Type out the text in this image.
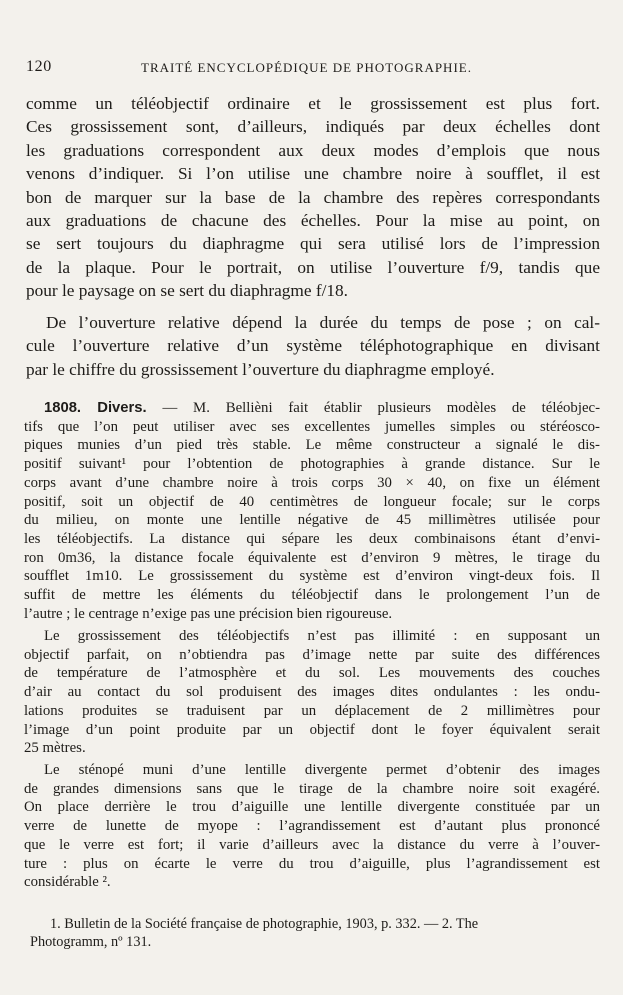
120	TRAITÉ ENCYCLOPÉDIQUE DE PHOTOGRAPHIE.
comme un téléobjectif ordinaire et le grossissement est plus fort.
Ces grossissement sont, d’ailleurs, indiqués par deux échelles dont
les graduations correspondent aux deux modes d’emplois que nous
venons d’indiquer. Si l’on utilise une chambre noire à soufflet, il est
bon de marquer sur la base de la chambre des repères correspondants
aux graduations de chacune des échelles. Pour la mise au point, on
se sert toujours du diaphragme qui sera utilisé lors de l’impression
de la plaque. Pour le portrait, on utilise l’ouverture f/9, tandis que
pour le paysage on se sert du diaphragme f/18.
De l’ouverture relative dépend la durée du temps de pose ; on cal-
cule l’ouverture relative d’un système téléphotographique en divisant
par le chiffre du grossissement l’ouverture du diaphragme employé.
1808. Divers. — M. Bellièni fait établir plusieurs modèles de téléobjec-
tifs que l’on peut utiliser avec ses excellentes jumelles simples ou stéréosco-
piques munies d’un pied très stable. Le même constructeur a signalé le dis-
positif suivant¹ pour l’obtention de photographies à grande distance. Sur le
corps avant d’une chambre noire à trois corps 30 × 40, on fixe un élément
positif, soit un objectif de 40 centimètres de longueur focale; sur le corps
du milieu, on monte une lentille négative de 45 millimètres utilisée pour
les téléobjectifs. La distance qui sépare les deux combinaisons étant d’envi-
ron 0m36, la distance focale équivalente est d’environ 9 mètres, le tirage du
soufflet 1m10. Le grossissement du système est d’environ vingt-deux fois. Il
suffit de mettre les éléments du téléobjectif dans le prolongement l’un de
l’autre ; le centrage n’exige pas une précision bien rigoureuse.
Le grossissement des téléobjectifs n’est pas illimité : en supposant un
objectif parfait, on n’obtiendra pas d’image nette par suite des différences
de température de l’atmosphère et du sol. Les mouvements des couches
d’air au contact du sol produisent des images dites ondulantes : les ondu-
lations produites se traduisent par un déplacement de 2 millimètres pour
l’image d’un point produite par un objectif dont le foyer équivalent serait
25 mètres.
Le sténopé muni d’une lentille divergente permet d’obtenir des images
de grandes dimensions sans que le tirage de la chambre noire soit exagéré.
On place derrière le trou d’aiguille une lentille divergente constituée par un
verre de lunette de myope : l’agrandissement est d’autant plus prononcé
que le verre est fort; il varie d’ailleurs avec la distance du verre à l’ouver-
ture : plus on écarte le verre du trou d’aiguille, plus l’agrandissement est
considérable ².
1. Bulletin de la Société française de photographie, 1903, p. 332. — 2. The
Photogramm, nº 131.
